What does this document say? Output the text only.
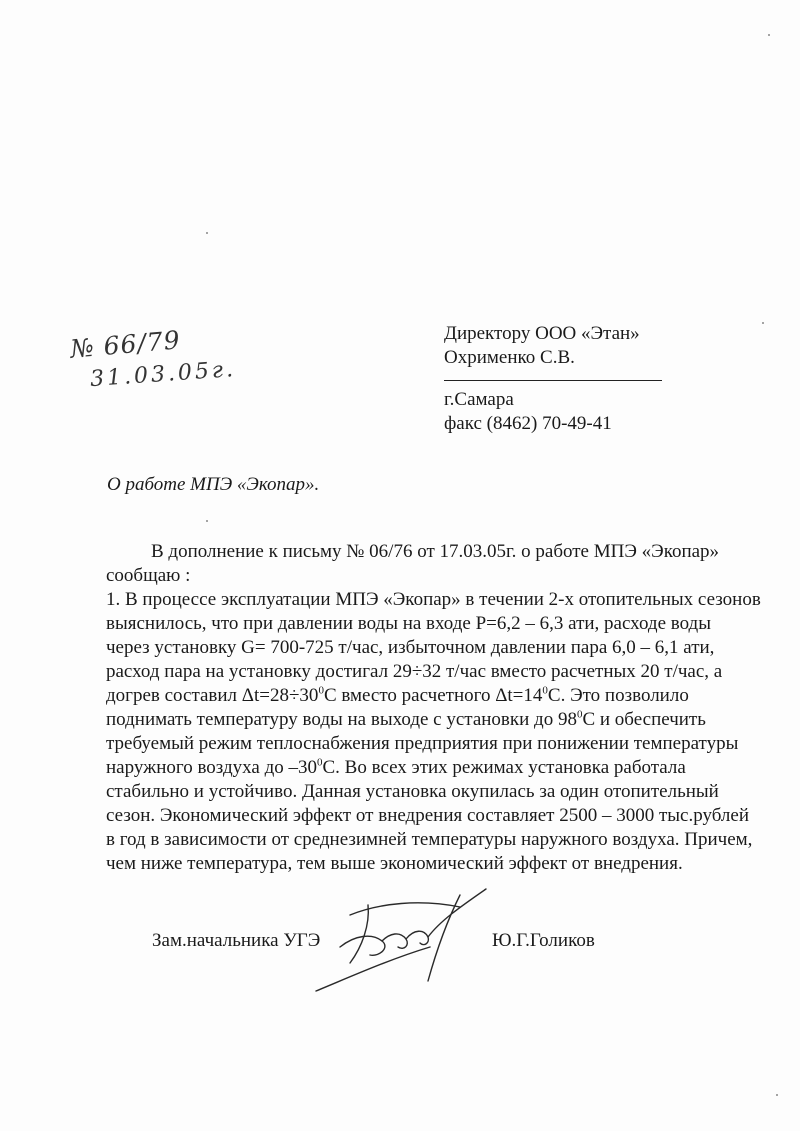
№ 66/79
31.03.05г.
Директору ООО «Этан»
Охрименко С.В.
г.Самара
факс (8462) 70-49-41
О работе МПЭ «Экопар».
В дополнение к письму № 06/76 от 17.03.05г. о работе МПЭ «Экопар»
сообщаю :
1. В процессе эксплуатации МПЭ «Экопар» в течении 2-х отопительных сезонов
выяснилось, что при давлении воды на входе P=6,2 – 6,3 ати, расходе воды
через установку G= 700-725 т/час, избыточном давлении пара 6,0 – 6,1 ати,
расход пара на установку достигал 29÷32 т/час вместо расчетных 20 т/час, а
догрев составил $\Delta t=28\div 30^0С$ вместо расчетного $\Delta t=14^0С$. Это позволило
поднимать температуру воды на выходе с установки до $98^0С$ и обеспечить
требуемый режим теплоснабжения предприятия при понижении температуры
наружного воздуха до $-30^0С$. Во всех этих режимах установка работала
стабильно и устойчиво. Данная установка окупилась за один отопительный
сезон. Экономический эффект от внедрения составляет 2500 – 3000 тыс.рублей
в год в зависимости от среднезимней температуры наружного воздуха. Причем,
чем ниже температура, тем выше экономический эффект от внедрения.
Зам.начальника УГЭ	Ю.Г.Голиков
